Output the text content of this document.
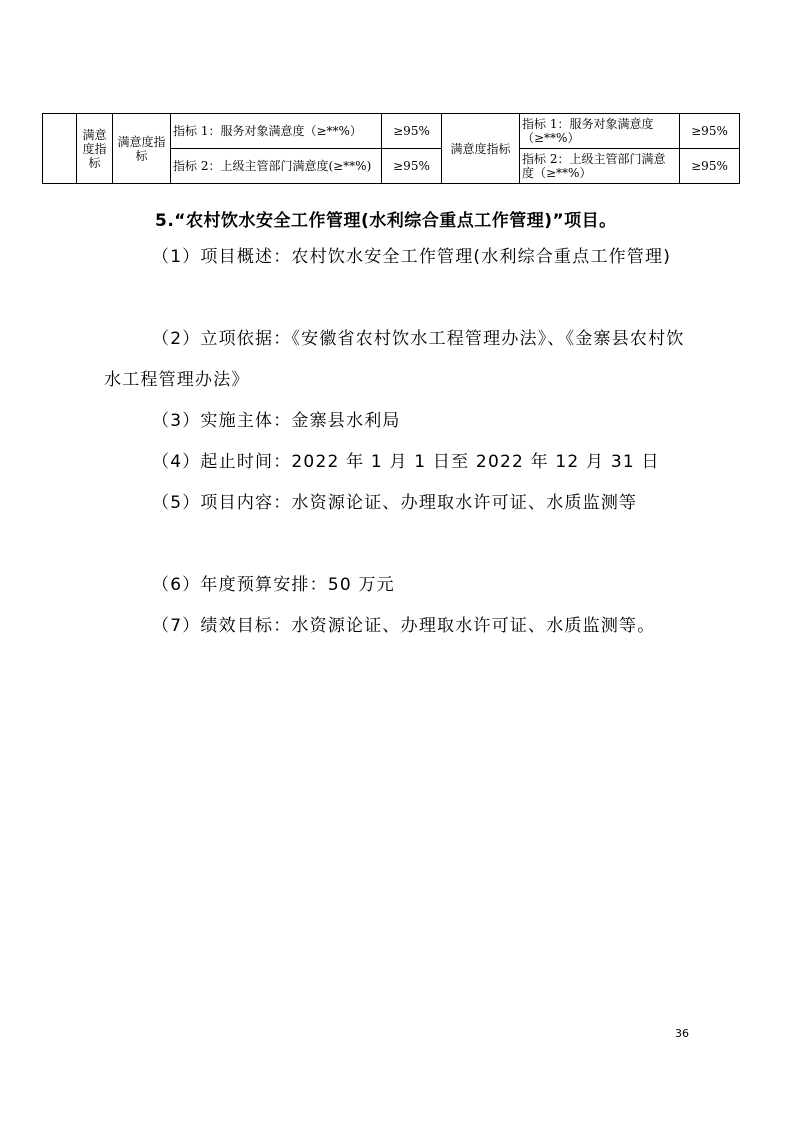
	满意度指标	满意度指标	指标 1：服务对象满意度（≥**%）	≥95%	满意度指标	指标 1：服务对象满意度（≥**%）	≥95%
			指标 2：上级主管部门满意度(≥**%)	≥95%		指标 2：上级主管部门满意度（≥**%）	≥95%
5.“农村饮水安全工作管理(水利综合重点工作管理)”项目。

（1）项目概述：农村饮水安全工作管理(水利综合重点工作管理)

（2）立项依据：《安徽省农村饮水工程管理办法》、《金寨县农村饮水工程管理办法》

（3）实施主体：金寨县水利局

（4）起止时间：2022 年 1 月 1 日至 2022 年 12 月 31 日

（5）项目内容：水资源论证、办理取水许可证、水质监测等

（6）年度预算安排：50 万元

（7）绩效目标：水资源论证、办理取水许可证、水质监测等。

36
